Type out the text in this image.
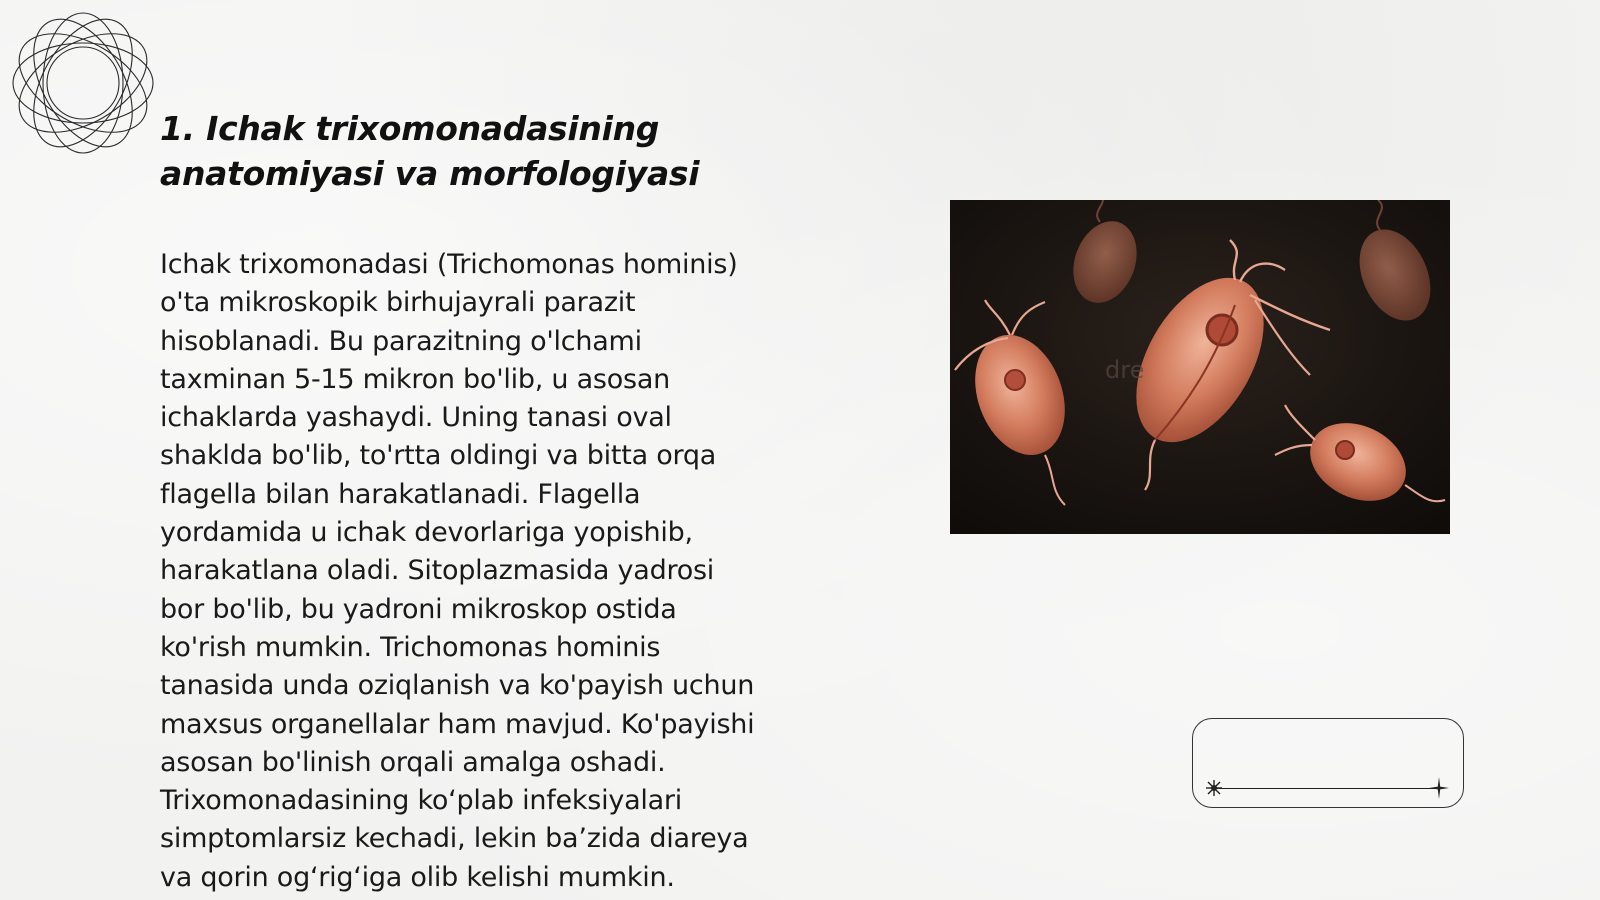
1. Ichak trixomonadasining anatomiyasi va morfologiyasi

Ichak trixomonadasi (Trichomonas hominis)
o'ta mikroskopik birhujayrali parazit
hisoblanadi. Bu parazitning o'lchami
taxminan 5-15 mikron bo'lib, u asosan
ichaklarda yashaydi. Uning tanasi oval
shakldа bo'lib, to'rtta oldingi va bitta orqa
flagella bilan harakatlanadi. Flagella
yordamida u ichak devorlariga yopishib,
harakatlana oladi. Sitoplazmasida yadrosi
bor bo'lib, bu yadroni mikroskop ostida
ko'rish mumkin. Trichomonas hominis
tanasida unda oziqlanish va ko'payish uchun
maxsus organellalar ham mavjud. Ko'payishi
asosan bo'linish orqali amalga oshadi.
Trixomonadasining ko‘plab infeksiyalari
simptomlarsiz kechadi, lekin ba’zida diareya
va qorin og‘rig‘iga olib kelishi mumkin.

dre
